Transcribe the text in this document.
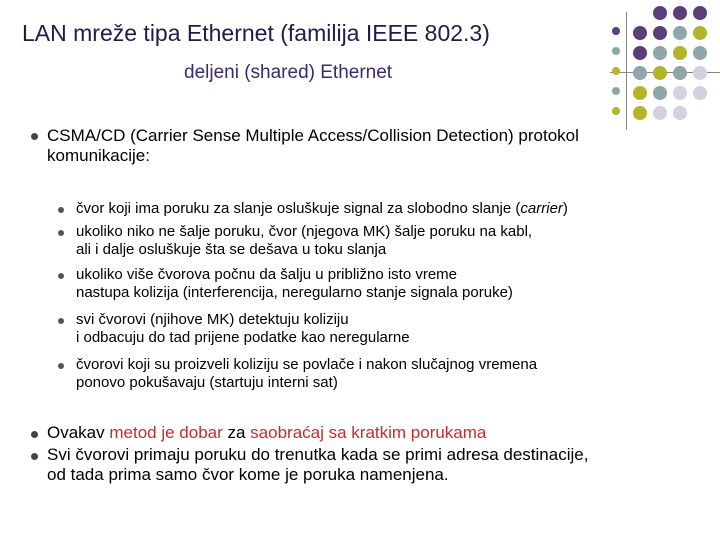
LAN mreže tipa Ethernet (familija IEEE 802.3)
deljeni (shared) Ethernet
CSMA/CD (Carrier Sense Multiple Access/Collision Detection) protokol
komunikacije:
čvor koji ima poruku za slanje osluškuje signal za slobodno slanje (carrier)
ukoliko niko ne šalje poruku, čvor (njegova MK) šalje poruku na kabl,
ali i dalje osluškuje šta se dešava u toku slanja
ukoliko više čvorova počnu da šalju u približno isto vreme
nastupa kolizija (interferencija, neregularno stanje signala poruke)
svi čvorovi (njihove MK) detektuju koliziju
i odbacuju do tad prijene podatke kao neregularne
čvorovi koji su proizveli koliziju se povlače i nakon slučajnog vremena
ponovo pokušavaju (startuju interni sat)
Ovakav metod je dobar za saobraćaj sa kratkim porukama
Svi čvorovi primaju poruku do trenutka kada se primi adresa destinacije,
od tada prima samo čvor kome je poruka namenjena.
